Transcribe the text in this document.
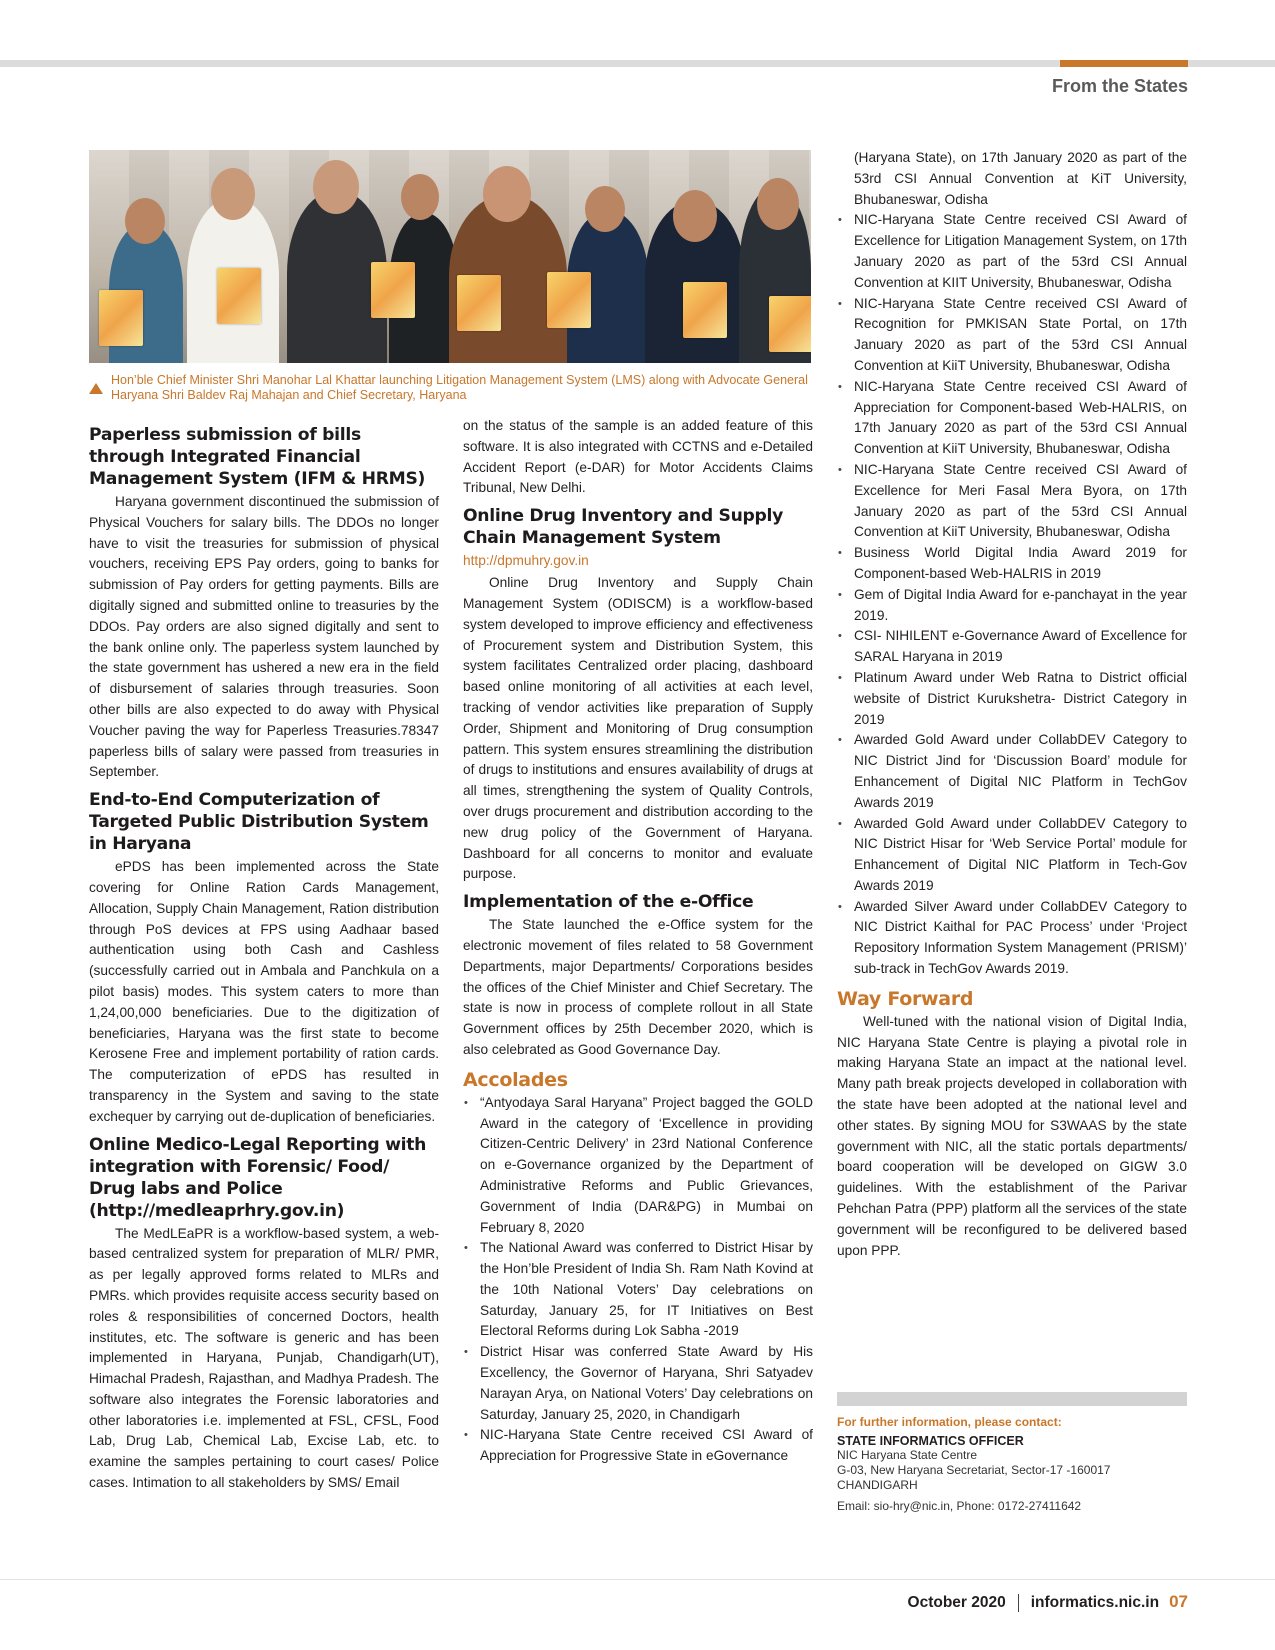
From the States
Hon’ble Chief Minister Shri Manohar Lal Khattar launching Litigation Management System (LMS) along with Advocate General Haryana Shri Baldev Raj Mahajan and Chief Secretary, Haryana
Paperless submission of bills through Integrated Financial Management System (IFM & HRMS)

Haryana government discontinued the submission of Physical Vouchers for salary bills. The DDOs no longer have to visit the treasuries for submission of physical vouchers, receiving EPS Pay orders, going to banks for submission of Pay orders for getting payments. Bills are digitally signed and submitted online to treasuries by the DDOs. Pay orders are also signed digitally and sent to the bank online only. The paperless system launched by the state government has ushered a new era in the field of disbursement of salaries through treasuries. Soon other bills are also expected to do away with Physical Voucher paving the way for Paperless Treasuries.78347 paperless bills of salary were passed from treasuries in September.

End-to-End Computerization of Targeted Public Distribution System in Haryana

ePDS has been implemented across the State covering for Online Ration Cards Management, Allocation, Supply Chain Management, Ration distribution through PoS devices at FPS using Aadhaar based authentication using both Cash and Cashless (successfully carried out in Ambala and Panchkula on a pilot basis) modes. This system caters to more than 1,24,00,000 beneficiaries. Due to the digitization of beneficiaries, Haryana was the first state to become Kerosene Free and implement portability of ration cards. The computerization of ePDS has resulted in transparency in the System and saving to the state exchequer by carrying out de-duplication of beneficiaries.

Online Medico-Legal Reporting with integration with Forensic/ Food/ Drug labs and Police (http://medleaprhry.gov.in)

The MedLEaPR is a workflow-based system, a web-based centralized system for preparation of MLR/ PMR, as per legally approved forms related to MLRs and PMRs. which provides requisite access security based on roles & responsibilities of concerned Doctors, health institutes, etc. The software is generic and has been implemented in Haryana, Punjab, Chandigarh(UT), Himachal Pradesh, Rajasthan, and Madhya Pradesh. The software also integrates the Forensic laboratories and other laboratories i.e. implemented at FSL, CFSL, Food Lab, Drug Lab, Chemical Lab, Excise Lab, etc. to examine the samples pertaining to court cases/ Police cases. Intimation to all stakeholders by SMS/ Email

on the status of the sample is an added feature of this software. It is also integrated with CCTNS and e-Detailed Accident Report (e-DAR) for Motor Accidents Claims Tribunal, New Delhi.

Online Drug Inventory and Supply Chain Management System
http://dpmuhry.gov.in

Online Drug Inventory and Supply Chain Management System (ODISCM) is a workflow-based system developed to improve efficiency and effectiveness of Procurement system and Distribution System, this system facilitates Centralized order placing, dashboard based online monitoring of all activities at each level, tracking of vendor activities like preparation of Supply Order, Shipment and Monitoring of Drug consumption pattern. This system ensures streamlining the distribution of drugs to institutions and ensures availability of drugs at all times, strengthening the system of Quality Controls, over drugs procurement and distribution according to the new drug policy of the Government of Haryana. Dashboard for all concerns to monitor and evaluate purpose.

Implementation of the e-Office

The State launched the e-Office system for the electronic movement of files related to 58 Government Departments, major Departments/ Corporations besides the offices of the Chief Minister and Chief Secretary. The state is now in process of complete rollout in all State Government offices by 25th December 2020, which is also celebrated as Good Governance Day.

Accolades
• “Antyodaya Saral Haryana” Project bagged the GOLD Award in the category of ‘Excellence in providing Citizen-Centric Delivery’ in 23rd National Conference on e-Governance organized by the Department of Administrative Reforms and Public Grievances, Government of India (DAR&PG) in Mumbai on February 8, 2020
• The National Award was conferred to District Hisar by the Hon’ble President of India Sh. Ram Nath Kovind at the 10th National Voters’ Day celebrations on Saturday, January 25, for IT Initiatives on Best Electoral Reforms during Lok Sabha -2019
• District Hisar was conferred State Award by His Excellency, the Governor of Haryana, Shri Satyadev Narayan Arya, on National Voters’ Day celebrations on Saturday, January 25, 2020, in Chandigarh
• NIC-Haryana State Centre received CSI Award of Appreciation for Progressive State in eGovernance
(Haryana State), on 17th January 2020 as part of the 53rd CSI Annual Convention at KiT University, Bhubaneswar, Odisha
• NIC-Haryana State Centre received CSI Award of Excellence for Litigation Management System, on 17th January 2020 as part of the 53rd CSI Annual Convention at KIIT University, Bhubaneswar, Odisha
• NIC-Haryana State Centre received CSI Award of Recognition for PMKISAN State Portal, on 17th January 2020 as part of the 53rd CSI Annual Convention at KiiT University, Bhubaneswar, Odisha
• NIC-Haryana State Centre received CSI Award of Appreciation for Component-based Web-HALRIS, on 17th January 2020 as part of the 53rd CSI Annual Convention at KiiT University, Bhubaneswar, Odisha
• NIC-Haryana State Centre received CSI Award of Excellence for Meri Fasal Mera Byora, on 17th January 2020 as part of the 53rd CSI Annual Convention at KiiT University, Bhubaneswar, Odisha
• Business World Digital India Award 2019 for Component-based Web-HALRIS in 2019
• Gem of Digital India Award for e-panchayat in the year 2019.
• CSI- NIHILENT e-Governance Award of Excellence for SARAL Haryana in 2019
• Platinum Award under Web Ratna to District official website of District Kurukshetra- District Category in 2019
• Awarded Gold Award under CollabDEV Category to NIC District Jind for ‘Discussion Board’ module for Enhancement of Digital NIC Platform in TechGov Awards 2019
• Awarded Gold Award under CollabDEV Category to NIC District Hisar for ‘Web Service Portal’ module for Enhancement of Digital NIC Platform in Tech-Gov Awards 2019
• Awarded Silver Award under CollabDEV Category to NIC District Kaithal for PAC Process’ under ‘Project Repository Information System Management (PRISM)’ sub-track in TechGov Awards 2019.
Way Forward

Well-tuned with the national vision of Digital India, NIC Haryana State Centre is playing a pivotal role in making Haryana State an impact at the national level. Many path break projects developed in collaboration with the state have been adopted at the national level and other states. By signing MOU for S3WAAS by the state government with NIC, all the static portals departments/ board cooperation will be developed on GIGW 3.0 guidelines. With the establishment of the Parivar Pehchan Patra (PPP) platform all the services of the state government will be reconfigured to be delivered based upon PPP.

For further information, please contact:
STATE INFORMATICS OFFICER
NIC Haryana State Centre
G-03, New Haryana Secretariat, Sector-17 -160017
CHANDIGARH
Email: sio-hry@nic.in, Phone: 0172-27411642
October 2020 informatics.nic.in 07
